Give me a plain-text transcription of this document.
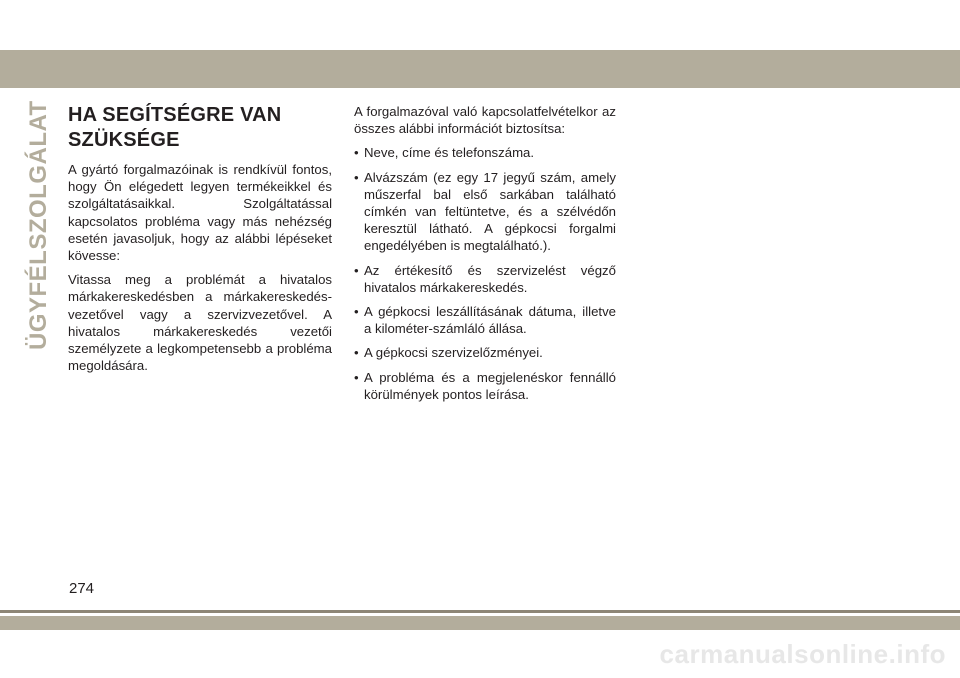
ÜGYFÉLSZOLGÁLAT HA SEGÍTSÉGRE VAN SZÜKSÉGE

A gyártó forgalmazóinak is rendkívül fontos, hogy Ön elégedett legyen termékeikkel és szolgáltatásaikkal. Szolgáltatással kapcsolatos probléma vagy más nehézség esetén javasoljuk, hogy az alábbi lépéseket kövesse:

Vitassa meg a problémát a hivatalos márkakereskedésben a márkakereskedés-vezetővel vagy a szervizvezetővel. A hivatalos márkakereskedés vezetői személyzete a legkompetensebb a probléma megoldására.

A forgalmazóval való kapcsolatfelvételkor az összes alábbi információt biztosítsa:

• Neve, címe és telefonszáma.
• Alvázszám (ez egy 17 jegyű szám, amely műszerfal bal első sarkában található címkén van feltüntetve, és a szélvédőn keresztül látható. A gépkocsi forgalmi engedélyében is megtalálható.).
• Az értékesítő és szervizelést végző hivatalos márkakereskedés.
• A gépkocsi leszállításának dátuma, illetve a kilométer-számláló állása.
• A gépkocsi szervizelőzményei.
• A probléma és a megjelenéskor fennálló körülmények pontos leírása.
274
carmanualsonline.info
